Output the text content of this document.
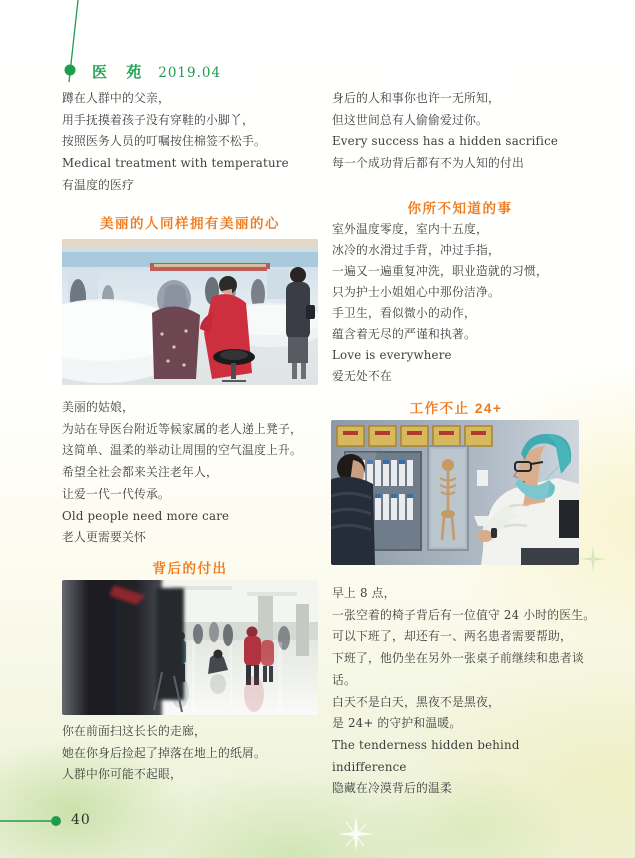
医 苑 2019.04

蹲在人群中的父亲，

用手抚摸着孩子没有穿鞋的小脚丫，

按照医务人员的叮嘱按住棉签不松手。

Medical treatment with temperature

有温度的医疗

美丽的人同样拥有美丽的心

美丽的姑娘，

为站在导医台附近等候家属的老人递上凳子，

这简单、温柔的举动让周围的空气温度上升。

希望全社会都来关注老年人，

让爱一代一代传承。

Old people need more care

老人更需要关怀

背后的付出

你在前面扫这长长的走廊，

她在你身后捡起了掉落在地上的纸屑。

人群中你可能不起眼，

身后的人和事你也许一无所知，

但这世间总有人偷偷爱过你。

Every success has a hidden sacrifice

每一个成功背后都有不为人知的付出

你所不知道的事

室外温度零度，室内十五度，

冰冷的水滑过手背，冲过手指，

一遍又一遍重复冲洗，职业造就的习惯，

只为护士小姐姐心中那份洁净。

手卫生，看似微小的动作，

蕴含着无尽的严谨和执著。

Love is everywhere

爱无处不在

工作不止 24+

早上 8 点，

一张空着的椅子背后有一位值守 24 小时的医生。

可以下班了，却还有一、两名患者需要帮助，

下班了，他仍坐在另外一张桌子前继续和患者谈话。

白天不是白天，黑夜不是黑夜，

是 24+ 的守护和温暖。

The tenderness hidden behind indifference

隐藏在冷漠背后的温柔

40
